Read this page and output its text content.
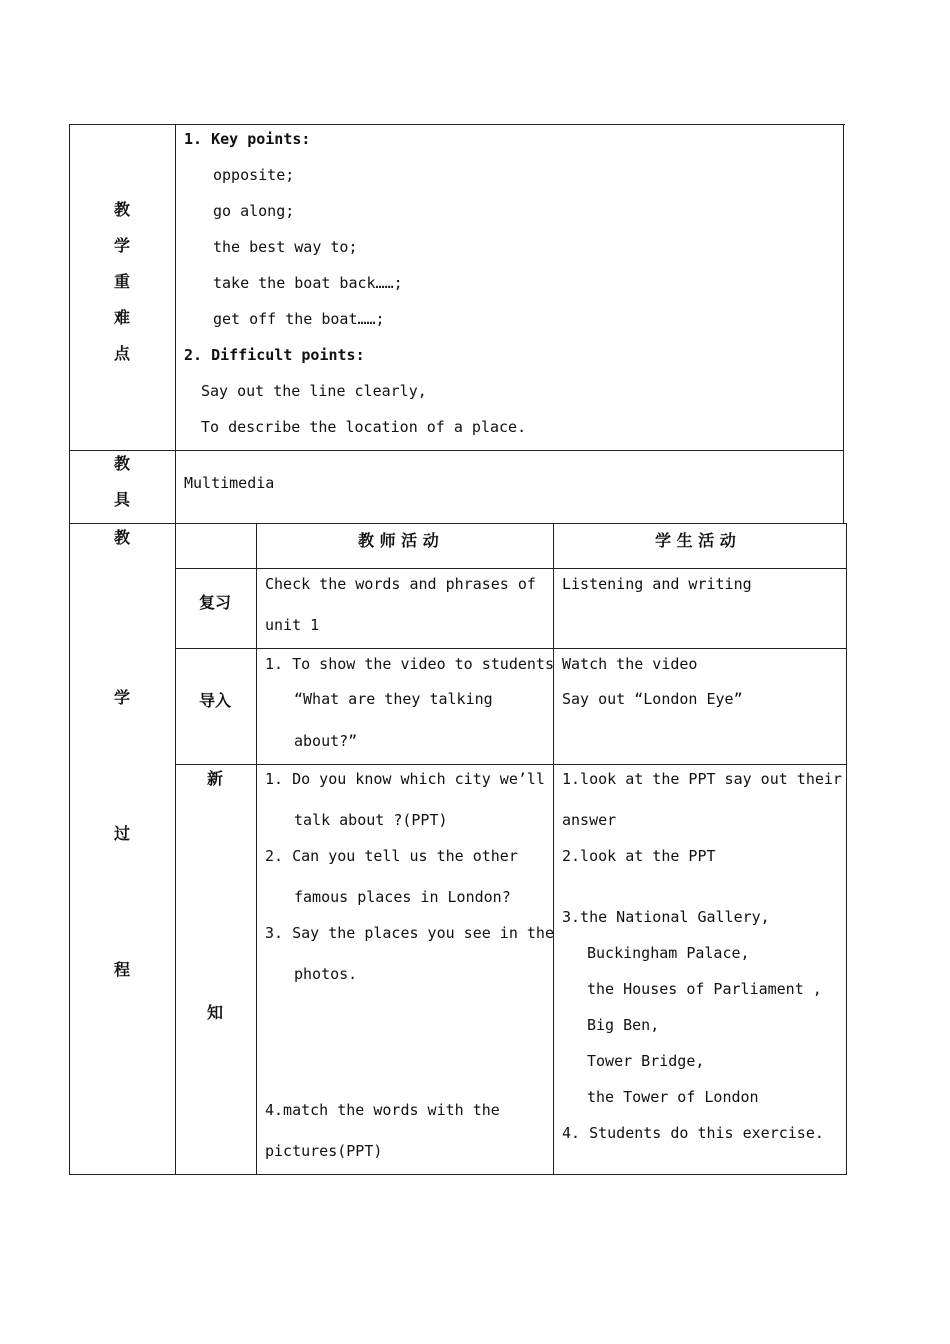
教
学
重
难
点
1. Key points:
opposite;
go along;
the best way to;
take the boat back……;
get off the boat……;
2. Difficult points:
Say out the line clearly,
To describe the location of a place.
教
具
Multimedia
教
学
过
程
教 师 活 动	学 生 活 动
复习
Check the words and phrases of
unit 1
Listening and writing
导入
1. To show the video to students
“What are they talking
about?”
Watch the video
Say out “London Eye”
新
知
1. Do you know which city we’ll
talk about ?(PPT)
2. Can you tell us the other
famous places in London?
3. Say the places you see in the
photos.
4.match the words with the
pictures(PPT)
1.look at the PPT say out their
answer
2.look at the PPT
3.the National Gallery,
Buckingham Palace,
the Houses of Parliament ,
Big Ben,
Tower Bridge,
the Tower of London
4. Students do this exercise.
